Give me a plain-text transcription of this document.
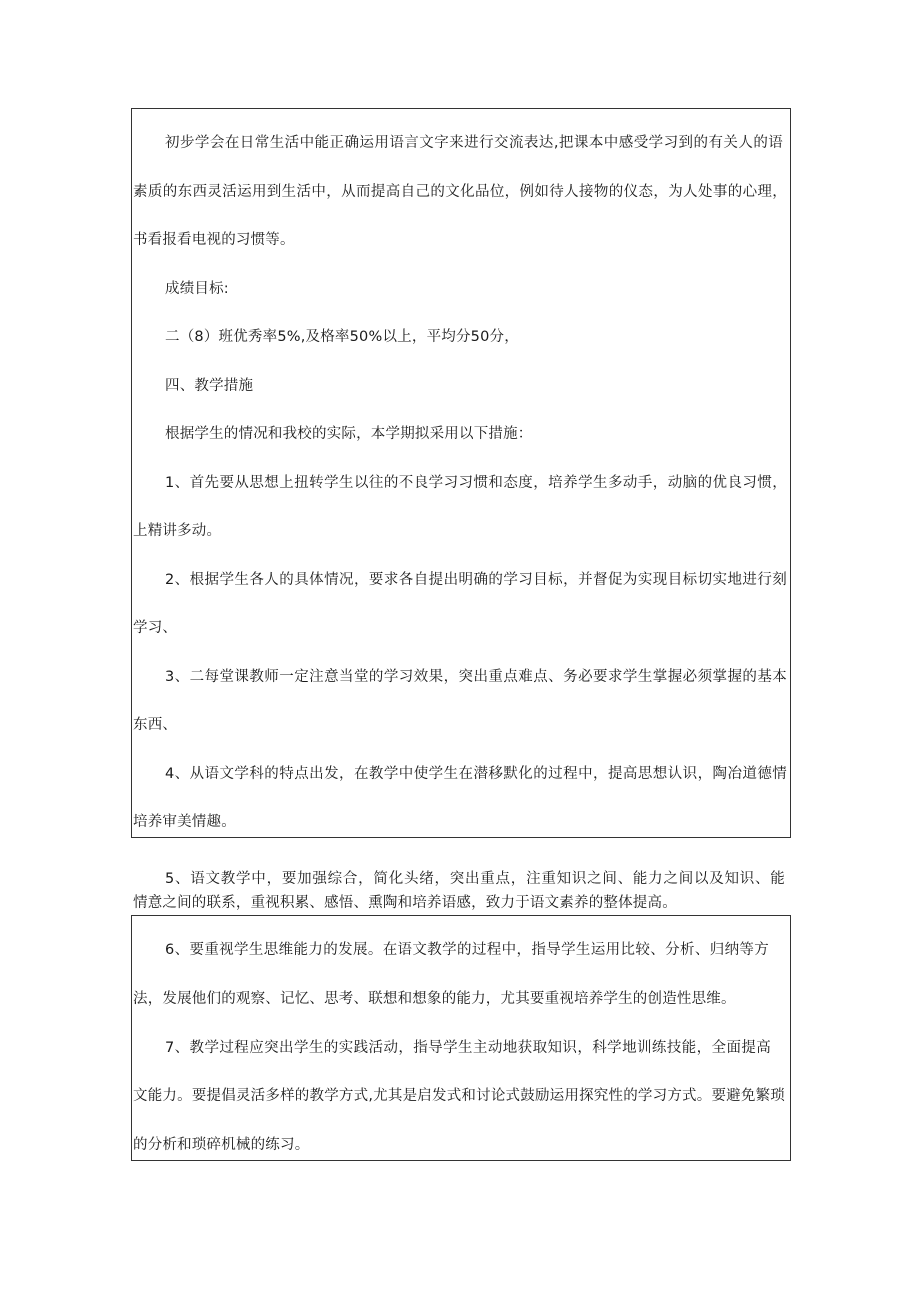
初步学会在日常生活中能正确运用语言文字来进行交流表达,把课本中感受学习到的有关人的语
素质的东西灵活运用到生活中，从而提高自己的文化品位，例如待人接物的仪态，为人处事的心理，
书看报看电视的习惯等。
成绩目标:
二（8）班优秀率5%,及格率50%以上，平均分50分，
四、教学措施
根据学生的情况和我校的实际，本学期拟采用以下措施：
1、首先要从思想上扭转学生以往的不良学习习惯和态度，培养学生多动手，动脑的优良习惯，
上精讲多动。
2、根据学生各人的具体情况，要求各自提出明确的学习目标，并督促为实现目标切实地进行刻
学习、
3、二每堂课教师一定注意当堂的学习效果，突出重点难点、务必要求学生掌握必须掌握的基本
东西、
4、从语文学科的特点出发，在教学中使学生在潜移默化的过程中，提高思想认识，陶冶道德情
培养审美情趣。
5、语文教学中，要加强综合，简化头绪，突出重点，注重知识之间、能力之间以及知识、能
情意之间的联系，重视积累、感悟、熏陶和培养语感，致力于语文素养的整体提高。
6、要重视学生思维能力的发展。在语文教学的过程中，指导学生运用比较、分析、归纳等方
法，发展他们的观察、记忆、思考、联想和想象的能力，尤其要重视培养学生的创造性思维。
7、教学过程应突出学生的实践活动，指导学生主动地获取知识，科学地训练技能，全面提高
文能力。要提倡灵活多样的教学方式,尤其是启发式和讨论式鼓励运用探究性的学习方式。要避免繁琐
的分析和琐碎机械的练习。
